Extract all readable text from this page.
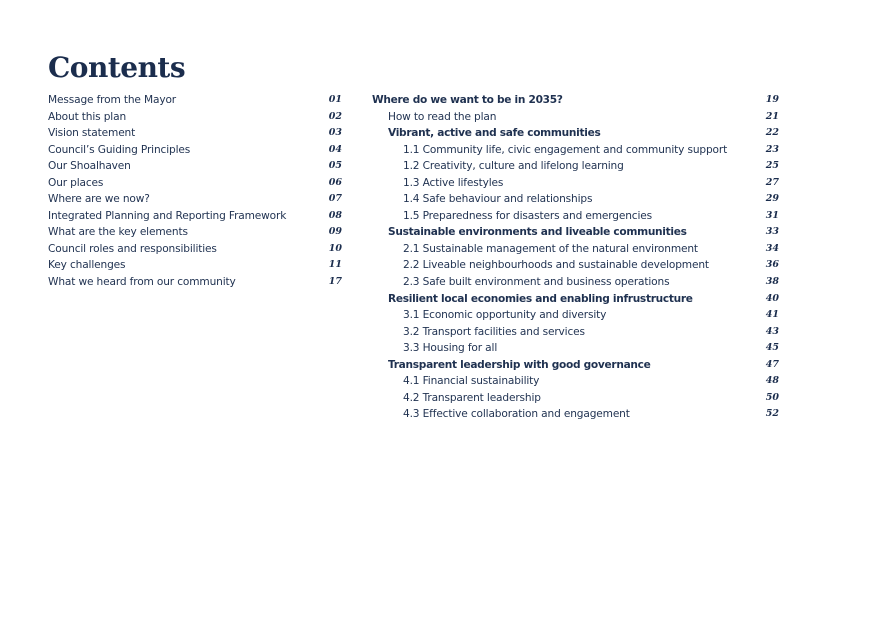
Contents
Message from the Mayor	01
About this plan	02
Vision statement	03
Council’s Guiding Principles	04
Our Shoalhaven	05
Our places	06
Where are we now?	07
Integrated Planning and Reporting Framework	08
What are the key elements	09
Council roles and responsibilities	10
Key challenges	11
What we heard from our community	17
Where do we want to be in 2035?	19
How to read the plan	21
Vibrant, active and safe communities	22
1.1 Community life, civic engagement and community support	23
1.2 Creativity, culture and lifelong learning	25
1.3 Active lifestyles	27
1.4 Safe behaviour and relationships	29
1.5 Preparedness for disasters and emergencies	31
Sustainable environments and liveable communities	33
2.1 Sustainable management of the natural environment	34
2.2 Liveable neighbourhoods and sustainable development	36
2.3 Safe built environment and business operations	38
Resilient local economies and enabling infrustructure	40
3.1 Economic opportunity and diversity	41
3.2 Transport facilities and services	43
3.3 Housing for all	45
Transparent leadership with good governance	47
4.1 Financial sustainability	48
4.2 Transparent leadership	50
4.3 Effective collaboration and engagement	52
